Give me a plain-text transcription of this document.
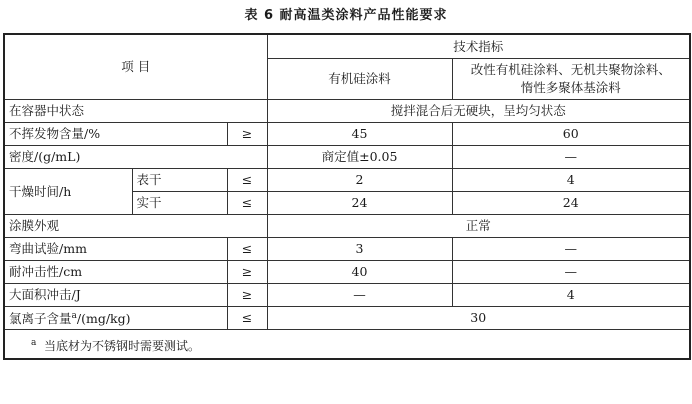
表 6 耐高温类涂料产品性能要求
项 目			技术指标	
			有机硅涂料	改性有机硅涂料、无机共聚物涂料、
惰性多聚体基涂料
在容器中状态			搅拌混合后无硬块，呈均匀状态	
不挥发物含量/%		≥	45	60
密度/(g/mL)			商定值±0.05	—
干燥时间/h	表干	≤	2	4
	实干	≤	24	24
涂膜外观			正常	
弯曲试验/mm		≤	3	—
耐冲击性/cm		≥	40	—
大面积冲击/J		≥	—	4
氯离子含量$^a$/(mg/kg)		≤	30	
$^a$ 当底材为不锈钢时需要测试。				
